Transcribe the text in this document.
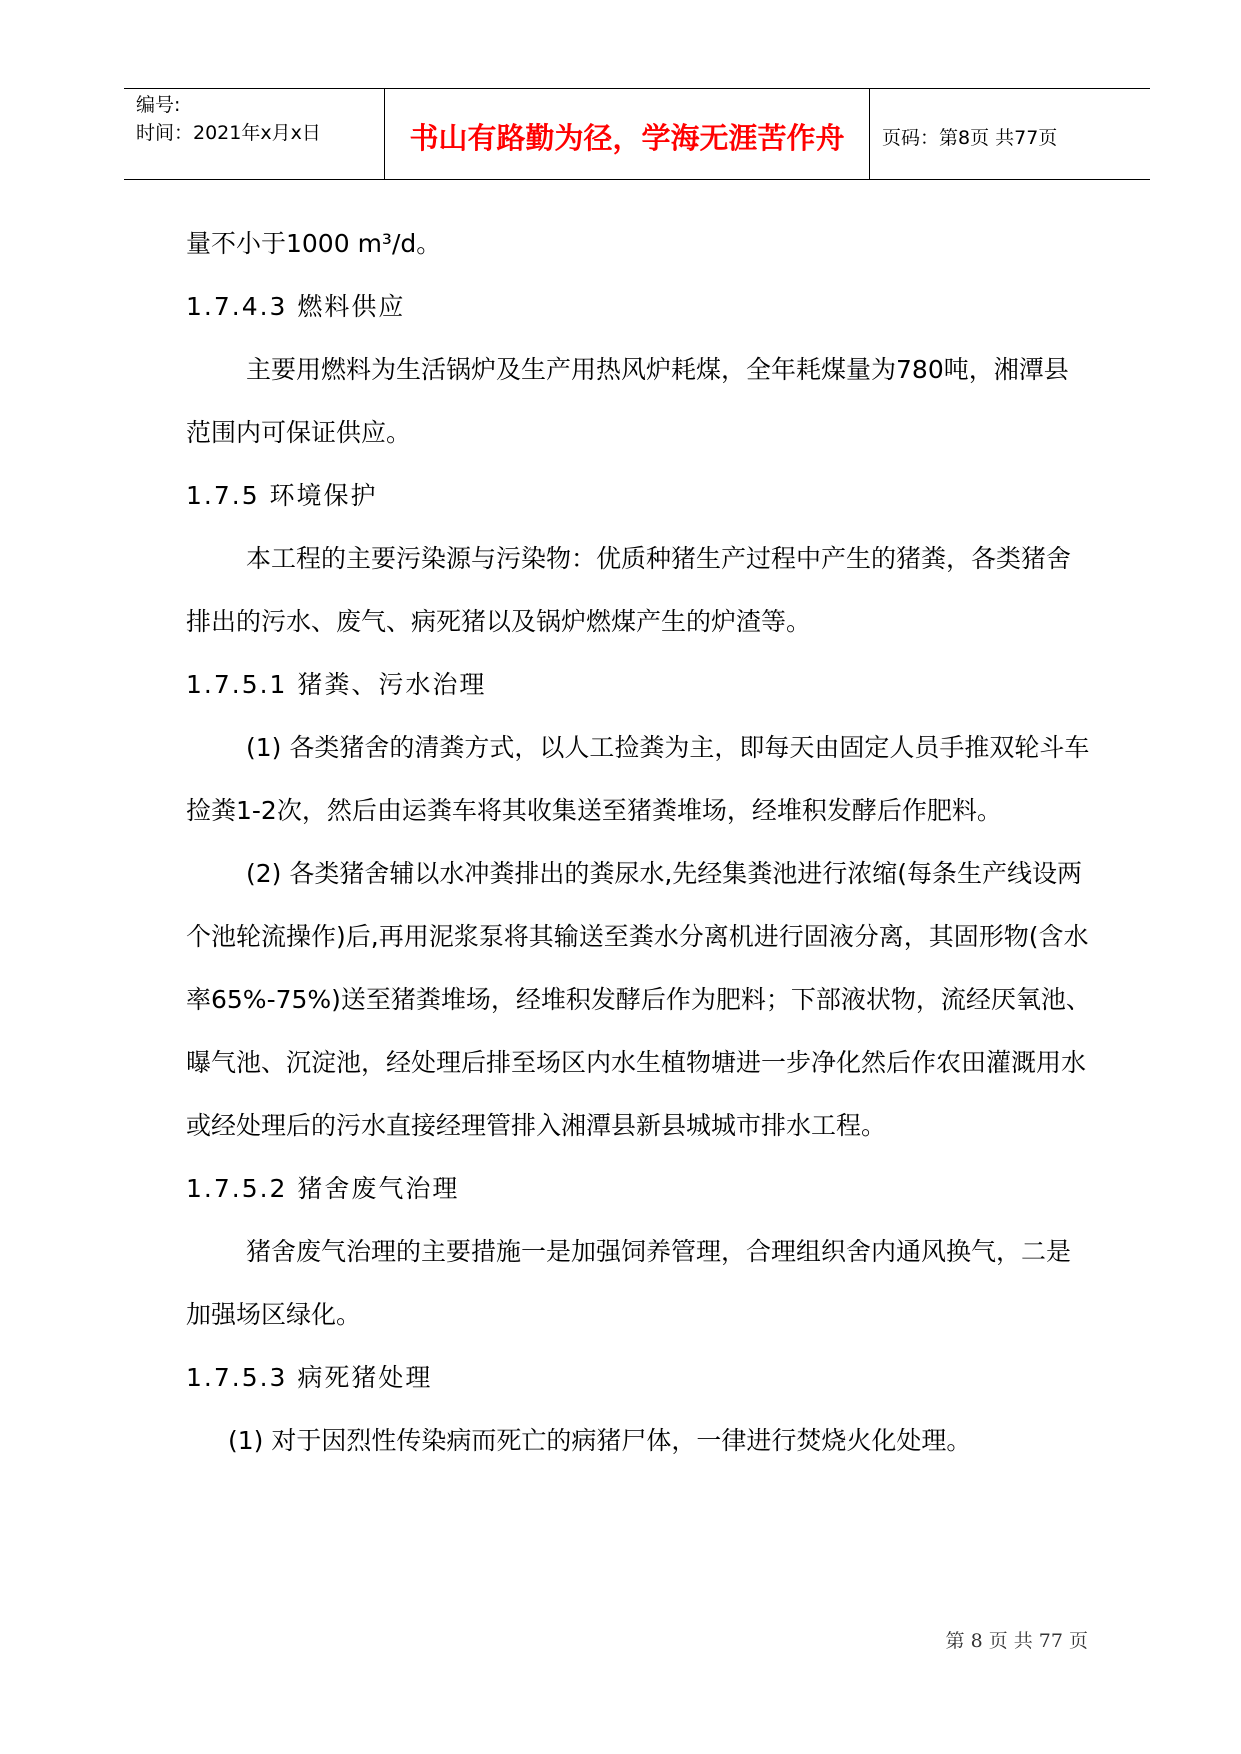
编号:
时间：2021年x月x日	书山有路勤为径，学海无涯苦作舟	页码：第8页 共77页

量不小于1000 m³/d。

1.7.4.3 燃料供应

主要用燃料为生活锅炉及生产用热风炉耗煤，全年耗煤量为780吨，湘潭县范围内可保证供应。

1.7.5 环境保护

本工程的主要污染源与污染物：优质种猪生产过程中产生的猪粪，各类猪舍排出的污水、废气、病死猪以及锅炉燃煤产生的炉渣等。

1.7.5.1 猪粪、污水治理

(1) 各类猪舍的清粪方式，以人工捡粪为主，即每天由固定人员手推双轮斗车捡粪1-2次，然后由运粪车将其收集送至猪粪堆场，经堆积发酵后作肥料。

(2) 各类猪舍辅以水冲粪排出的粪尿水,先经集粪池进行浓缩(每条生产线设两个池轮流操作)后,再用泥浆泵将其输送至粪水分离机进行固液分离，其固形物(含水率65%-75%)送至猪粪堆场，经堆积发酵后作为肥料；下部液状物，流经厌氧池、曝气池、沉淀池，经处理后排至场区内水生植物塘进一步净化然后作农田灌溉用水或经处理后的污水直接经理管排入湘潭县新县城城市排水工程。

1.7.5.2 猪舍废气治理

猪舍废气治理的主要措施一是加强饲养管理，合理组织舍内通风换气，二是加强场区绿化。

1.7.5.3 病死猪处理

(1) 对于因烈性传染病而死亡的病猪尸体，一律进行焚烧火化处理。

第 8 页 共 77 页
